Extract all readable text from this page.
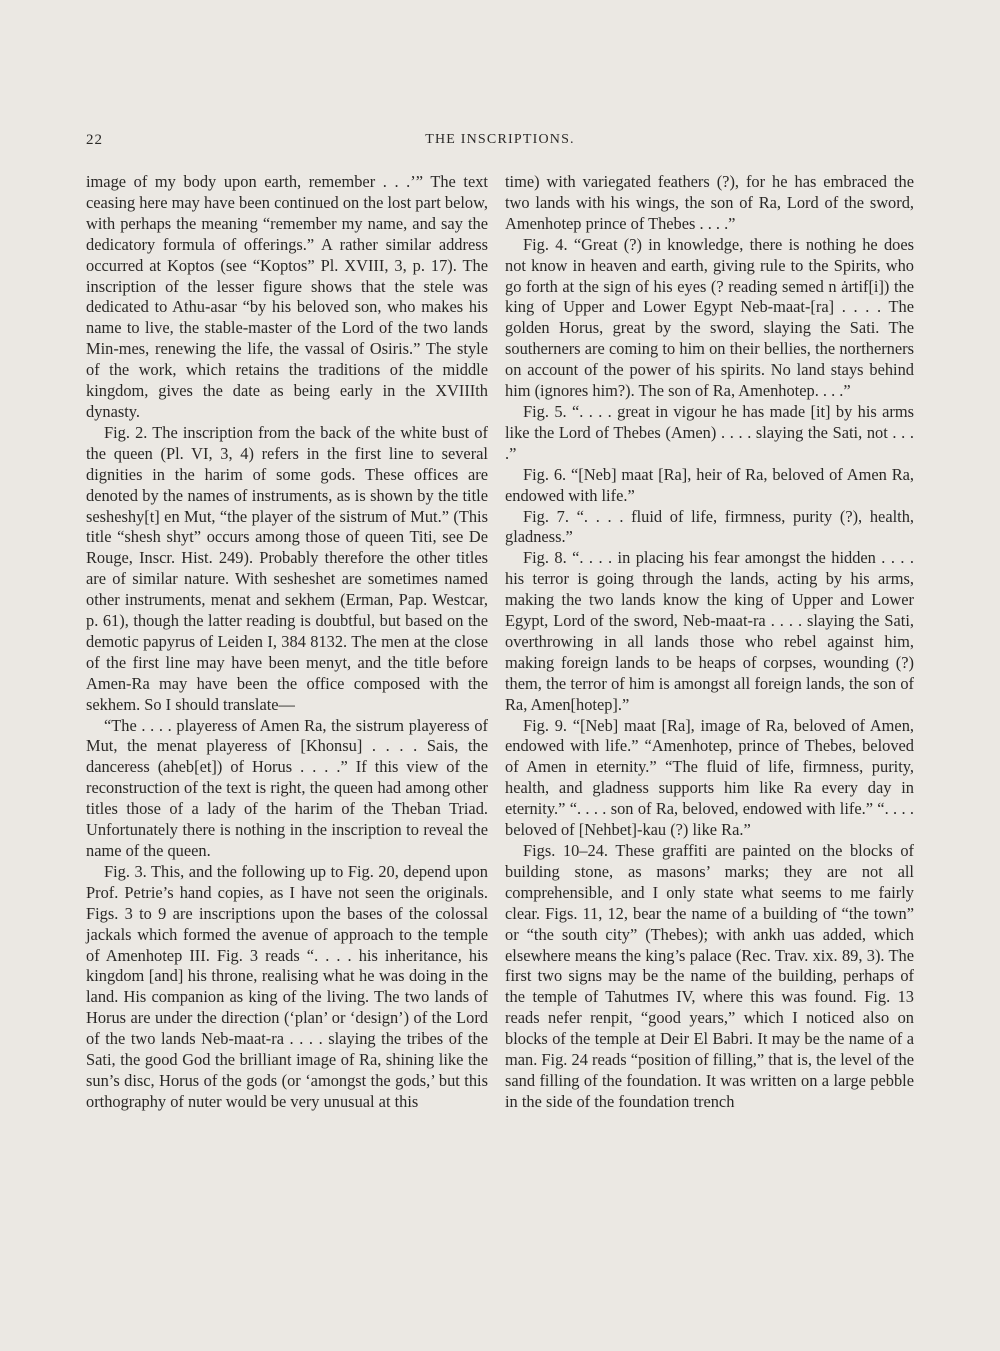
22	THE INSCRIPTIONS.

image of my body upon earth, remember . . .’” The text ceasing here may have been continued on the lost part below, with perhaps the meaning “remember my name, and say the dedicatory formula of offerings.” A rather similar address occurred at Koptos (see “Koptos” Pl. XVIII, 3, p. 17). The inscription of the lesser figure shows that the stele was dedicated to Athu-asar “by his beloved son, who makes his name to live, the stable-master of the Lord of the two lands Min-mes, renewing the life, the vassal of Osiris.” The style of the work, which retains the traditions of the middle kingdom, gives the date as being early in the XVIIIth dynasty.

Fig. 2. The inscription from the back of the white bust of the queen (Pl. VI, 3, 4) refers in the first line to several dignities in the harim of some gods. These offices are denoted by the names of instruments, as is shown by the title sesheshy[t] en Mut, “the player of the sistrum of Mut.” (This title “shesh shyt” occurs among those of queen Titi, see De Rouge, Inscr. Hist. 249). Probably therefore the other titles are of similar nature. With sesheshet are sometimes named other instruments, menat and sekhem (Erman, Pap. Westcar, p. 61), though the latter reading is doubtful, but based on the demotic papyrus of Leiden I, 384 8132. The men at the close of the first line may have been menyt, and the title before Amen-Ra may have been the office composed with the sekhem. So I should translate—

“The . . . . playeress of Amen Ra, the sistrum playeress of Mut, the menat playeress of [Khonsu] . . . . Sais, the danceress (aheb[et]) of Horus . . . .” If this view of the reconstruction of the text is right, the queen had among other titles those of a lady of the harim of the Theban Triad. Unfortunately there is nothing in the inscription to reveal the name of the queen.

Fig. 3. This, and the following up to Fig. 20, depend upon Prof. Petrie’s hand copies, as I have not seen the originals. Figs. 3 to 9 are inscriptions upon the bases of the colossal jackals which formed the avenue of approach to the temple of Amenhotep III. Fig. 3 reads “. . . . his inheritance, his kingdom [and] his throne, realising what he was doing in the land. His companion as king of the living. The two lands of Horus are under the direction (‘plan’ or ‘design’) of the Lord of the two lands Neb-maat-ra . . . . slaying the tribes of the Sati, the good God the brilliant image of Ra, shining like the sun’s disc, Horus of the gods (or ‘amongst the gods,’ but this orthography of nuter would be very unusual at this

time) with variegated feathers (?), for he has embraced the two lands with his wings, the son of Ra, Lord of the sword, Amenhotep prince of Thebes . . . .”

Fig. 4. “Great (?) in knowledge, there is nothing he does not know in heaven and earth, giving rule to the Spirits, who go forth at the sign of his eyes (? reading semed n ȧrtif[i]) the king of Upper and Lower Egypt Neb-maat-[ra] . . . . The golden Horus, great by the sword, slaying the Sati. The southerners are coming to him on their bellies, the northerners on account of the power of his spirits. No land stays behind him (ignores him?). The son of Ra, Amenhotep. . . .”

Fig. 5. “. . . . great in vigour he has made [it] by his arms like the Lord of Thebes (Amen) . . . . slaying the Sati, not . . . .”

Fig. 6. “[Neb] maat [Ra], heir of Ra, beloved of Amen Ra, endowed with life.”

Fig. 7. “. . . . fluid of life, firmness, purity (?), health, gladness.”

Fig. 8. “. . . . in placing his fear amongst the hidden . . . . his terror is going through the lands, acting by his arms, making the two lands know the king of Upper and Lower Egypt, Lord of the sword, Neb-maat-ra . . . . slaying the Sati, overthrowing in all lands those who rebel against him, making foreign lands to be heaps of corpses, wounding (?) them, the terror of him is amongst all foreign lands, the son of Ra, Amen[hotep].”

Fig. 9. “[Neb] maat [Ra], image of Ra, beloved of Amen, endowed with life.” “Amenhotep, prince of Thebes, beloved of Amen in eternity.” “The fluid of life, firmness, purity, health, and gladness supports him like Ra every day in eternity.” “. . . . son of Ra, beloved, endowed with life.” “. . . . beloved of [Nehbet]-kau (?) like Ra.”

Figs. 10–24. These graffiti are painted on the blocks of building stone, as masons’ marks; they are not all comprehensible, and I only state what seems to me fairly clear. Figs. 11, 12, bear the name of a building of “the town” or “the south city” (Thebes); with ankh uas added, which elsewhere means the king’s palace (Rec. Trav. xix. 89, 3). The first two signs may be the name of the building, perhaps of the temple of Tahutmes IV, where this was found. Fig. 13 reads nefer renpit, “good years,” which I noticed also on blocks of the temple at Deir El Babri. It may be the name of a man. Fig. 24 reads “position of filling,” that is, the level of the sand filling of the foundation. It was written on a large pebble in the side of the foundation trench
